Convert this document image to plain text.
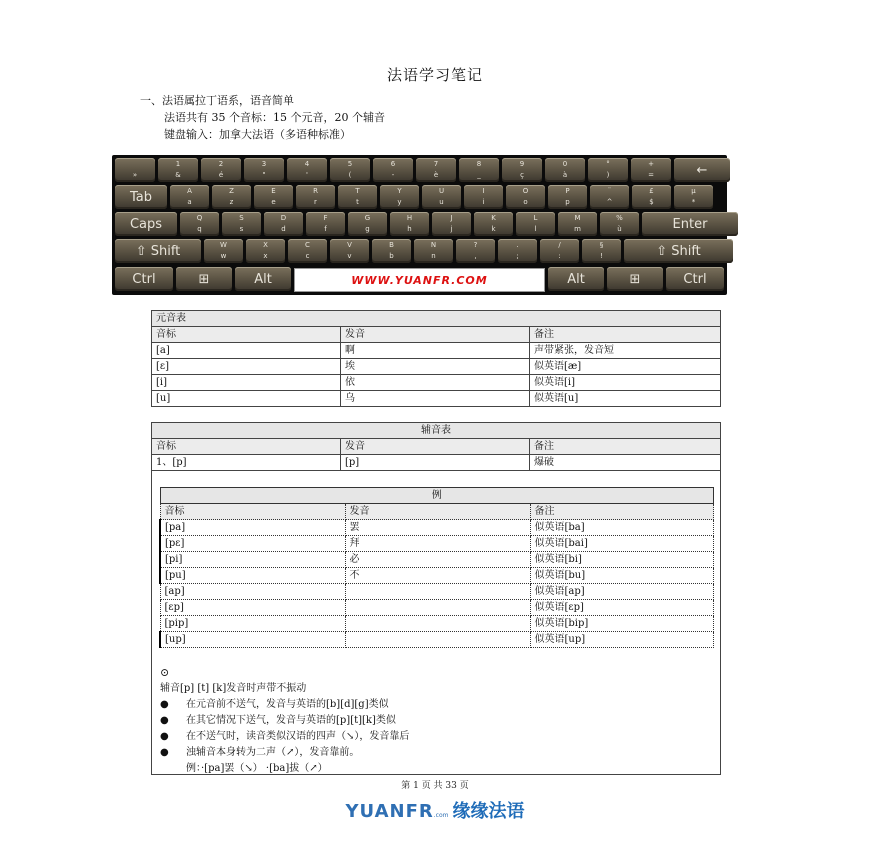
法语学习笔记
一、法语属拉丁语系，语音简单
法语共有 35 个音标：15 个元音，20 个辅音
键盘输入：加拿大法语（多语种标准）
»
1
&
2
é
3
"
4
'
5
(
6
-
7
è
8
_
9
ç
0
à
°
)
+
=	←
Tab	A
a
Z
z
E
e
R
r
T
t
Y
y
U
u
I
i
O
o
P
p
¨
^
£
$
µ
*
Caps	Q
q
S
s
D
d
F
f
G
g
H
h
J
j
K
k
L
l
M
m
%
ù	Enter
⇧ Shift	W
w
X
x
C
c
V
v
B
b
N
n
?
,
.
;
/
:
§
!	⇧ Shift
Ctrl	⊞	Alt	WWW.YUANFR.COM	Alt	⊞	Ctrl
元音表		
音标	发音	备注
[a]	啊	声带紧张，发音短
[ɛ]	埃	似英语[æ]
[i]	依	似英语[i]
[u]	乌	似英语[u]
辅音表		
音标	发音	备注
1、[p]	[p]	爆破
例		
音标	发音	备注
[pa]	罢	似英语[ba]
[pɛ]	拜	似英语[bai]
[pi]	必	似英语[bi]
[pu]	不	似英语[bu]
[ap]		似英语[ap]
[ɛp]		似英语[ɛp]
[pip]		似英语[bip]
[up]		似英语[up]
⊙
辅音[p] [t] [k]发音时声带不振动
● 在元音前不送气，发音与英语的[b][d][g]类似
● 在其它情况下送气，发音与英语的[p][t][k]类似
● 在不送气时，读音类似汉语的四声（↘），发音靠后
● 浊辅音本身转为二声（↗），发音靠前。
例：·[pa]罢（↘） ·[ba]拔（↗）
第 1 页 共 33 页
YUANFR.com 缘缘法语
